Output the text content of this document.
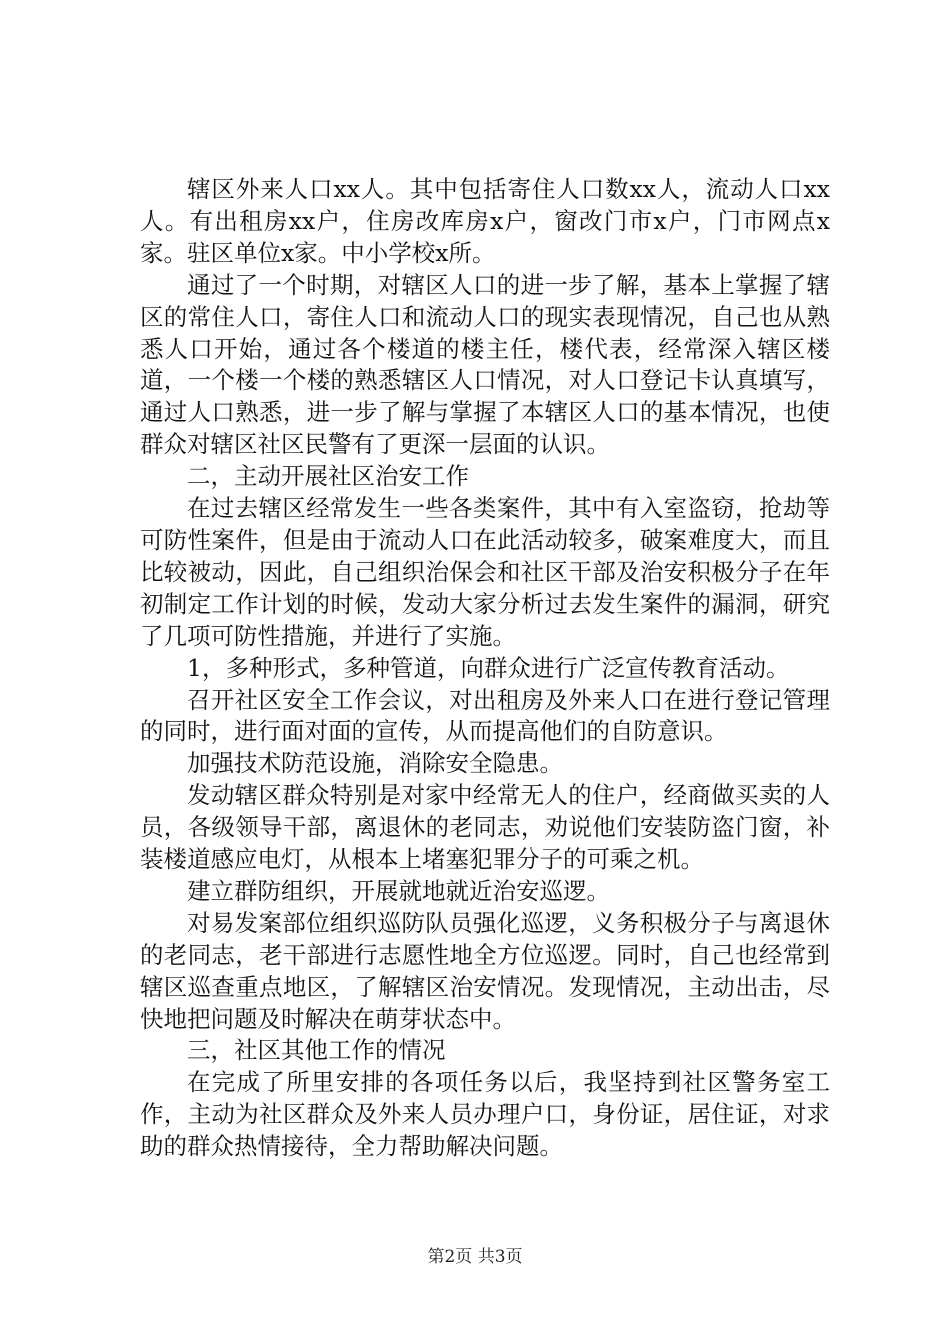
辖区外来人口xx人。其中包括寄住人口数xx人，流动人口xx人。有出租房xx户，住房改库房x户，窗改门市x户，门市网点x家。驻区单位x家。中小学校x所。

通过了一个时期，对辖区人口的进一步了解，基本上掌握了辖区的常住人口，寄住人口和流动人口的现实表现情况，自己也从熟悉人口开始，通过各个楼道的楼主任，楼代表，经常深入辖区楼道，一个楼一个楼的熟悉辖区人口情况，对人口登记卡认真填写，通过人口熟悉，进一步了解与掌握了本辖区人口的基本情况，也使群众对辖区社区民警有了更深一层面的认识。

二，主动开展社区治安工作

在过去辖区经常发生一些各类案件，其中有入室盗窃，抢劫等可防性案件，但是由于流动人口在此活动较多，破案难度大，而且比较被动，因此，自己组织治保会和社区干部及治安积极分子在年初制定工作计划的时候，发动大家分析过去发生案件的漏洞，研究了几项可防性措施，并进行了实施。

1，多种形式，多种管道，向群众进行广泛宣传教育活动。

召开社区安全工作会议，对出租房及外来人口在进行登记管理的同时，进行面对面的宣传，从而提高他们的自防意识。

加强技术防范设施，消除安全隐患。

发动辖区群众特别是对家中经常无人的住户，经商做买卖的人员，各级领导干部，离退休的老同志，劝说他们安装防盗门窗，补装楼道感应电灯，从根本上堵塞犯罪分子的可乘之机。

建立群防组织，开展就地就近治安巡逻。

对易发案部位组织巡防队员强化巡逻，义务积极分子与离退休的老同志，老干部进行志愿性地全方位巡逻。同时，自己也经常到辖区巡查重点地区，了解辖区治安情况。发现情况，主动出击，尽快地把问题及时解决在萌芽状态中。

三，社区其他工作的情况

在完成了所里安排的各项任务以后，我坚持到社区警务室工作，主动为社区群众及外来人员办理户口，身份证，居住证，对求助的群众热情接待，全力帮助解决问题。

第2页 共3页
